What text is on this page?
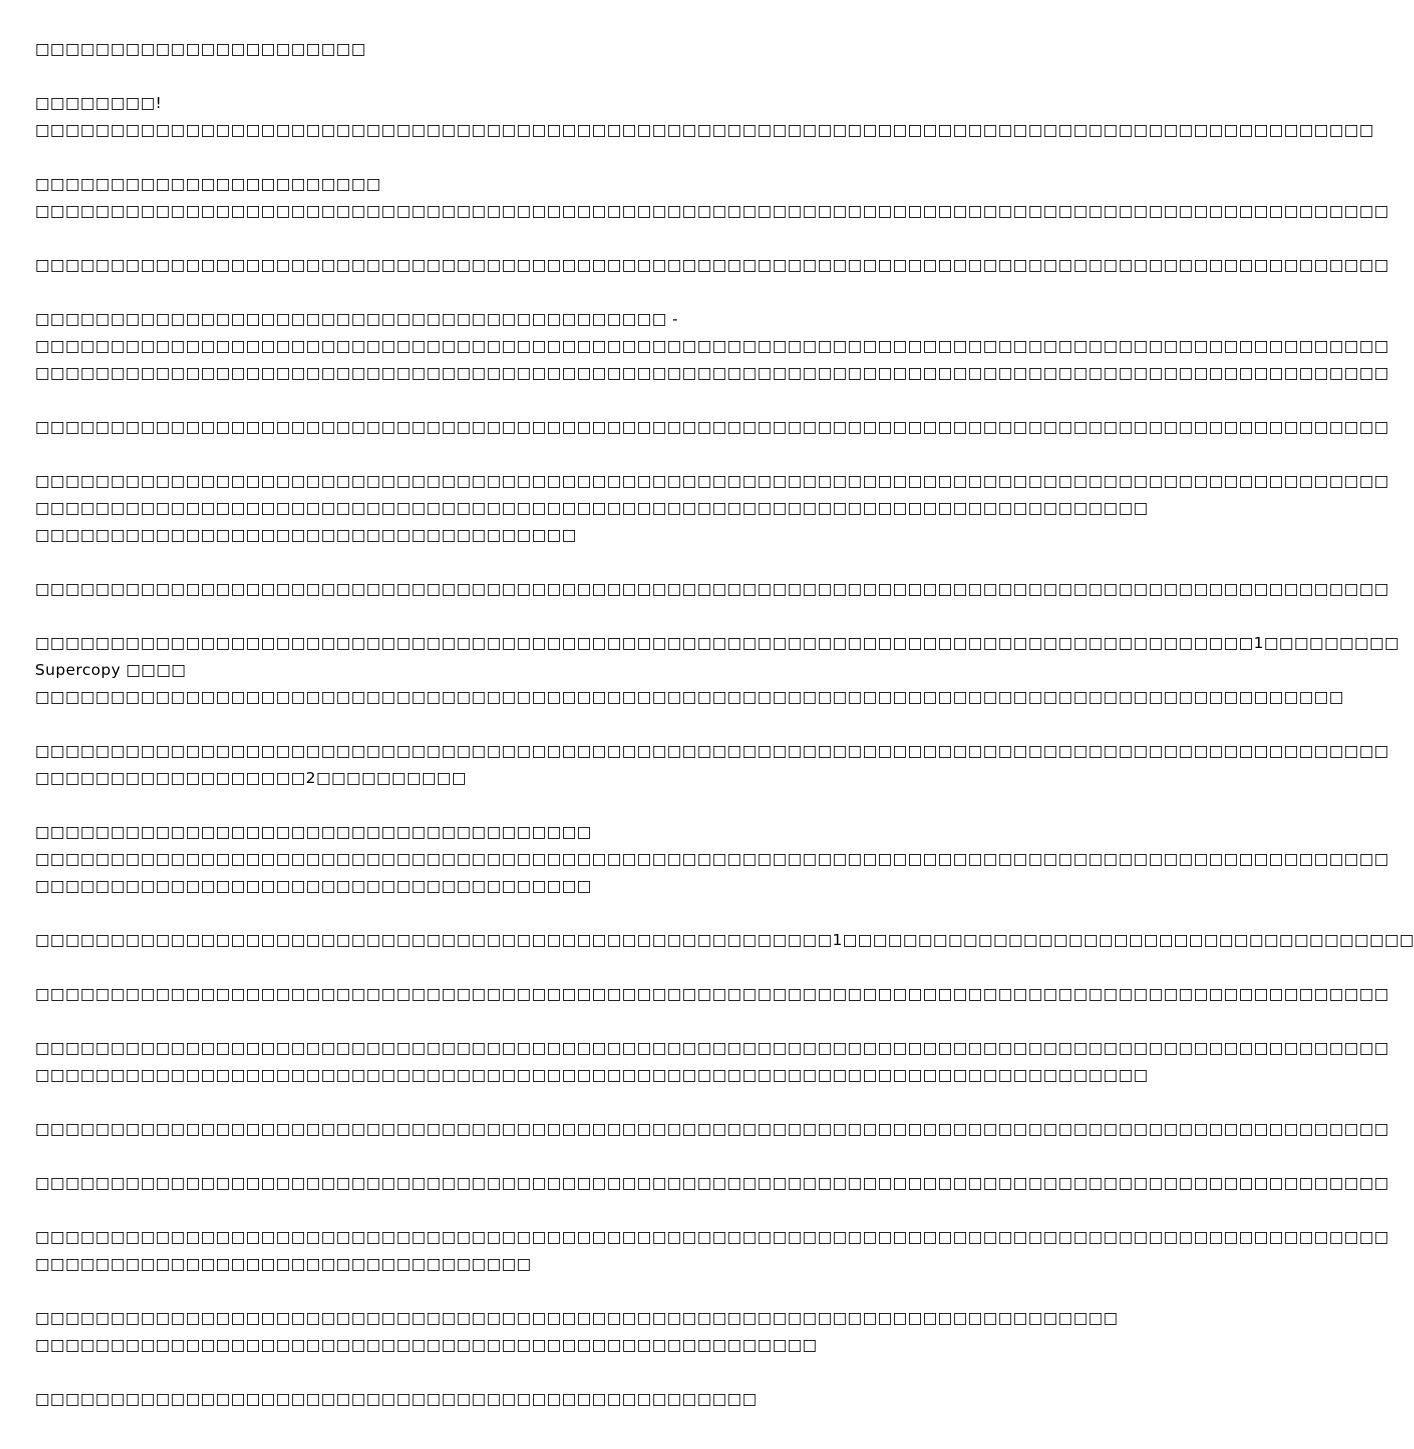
□□□□□□□□□□□□□□□□□□□□□□
□□□□□□□□!
□□□□□□□□□□□□□□□□□□□□□□□□□□□□□□□□□□□□□□□□□□□□□□□□□□□□□□□□□□□□□□□□□□□□□□□□□□□□□□□□□□□□□□□□□
□□□□□□□□□□□□□□□□□□□□□□□
□□□□□□□□□□□□□□□□□□□□□□□□□□□□□□□□□□□□□□□□□□□□□□□□□□□□□□□□□□□□□□□□□□□□□□□□□□□□□□□□□□□□□□□□□□
□□□□□□□□□□□□□□□□□□□□□□□□□□□□□□□□□□□□□□□□□□□□□□□□□□□□□□□□□□□□□□□□□□□□□□□□□□□□□□□□□□□□□□□□□□
□□□□□□□□□□□□□□□□□□□□□□□□□□□□□□□□□□□□□□□□□□ -
□□□□□□□□□□□□□□□□□□□□□□□□□□□□□□□□□□□□□□□□□□□□□□□□□□□□□□□□□□□□□□□□□□□□□□□□□□□□□□□□□□□□□□□□□□
□□□□□□□□□□□□□□□□□□□□□□□□□□□□□□□□□□□□□□□□□□□□□□□□□□□□□□□□□□□□□□□□□□□□□□□□□□□□□□□□□□□□□□□□□□
□□□□□□□□□□□□□□□□□□□□□□□□□□□□□□□□□□□□□□□□□□□□□□□□□□□□□□□□□□□□□□□□□□□□□□□□□□□□□□□□□□□□□□□□□□
□□□□□□□□□□□□□□□□□□□□□□□□□□□□□□□□□□□□□□□□□□□□□□□□□□□□□□□□□□□□□□□□□□□□□□□□□□□□□□□□□□□□□□□□□□
□□□□□□□□□□□□□□□□□□□□□□□□□□□□□□□□□□□□□□□□□□□□□□□□□□□□□□□□□□□□□□□□□□□□□□□□□□
□□□□□□□□□□□□□□□□□□□□□□□□□□□□□□□□□□□□
□□□□□□□□□□□□□□□□□□□□□□□□□□□□□□□□□□□□□□□□□□□□□□□□□□□□□□□□□□□□□□□□□□□□□□□□□□□□□□□□□□□□□□□□□□
□□□□□□□□□□□□□□□□□□□□□□□□□□□□□□□□□□□□□□□□□□□□□□□□□□□□□□□□□□□□□□□□□□□□□□□□□□□□□□□□□1□□□□□□□□□
Supercopy □□□□
□□□□□□□□□□□□□□□□□□□□□□□□□□□□□□□□□□□□□□□□□□□□□□□□□□□□□□□□□□□□□□□□□□□□□□□□□□□□□□□□□□□□□□□
□□□□□□□□□□□□□□□□□□□□□□□□□□□□□□□□□□□□□□□□□□□□□□□□□□□□□□□□□□□□□□□□□□□□□□□□□□□□□□□□□□□□□□□□□□
□□□□□□□□□□□□□□□□□□2□□□□□□□□□□
□□□□□□□□□□□□□□□□□□□□□□□□□□□□□□□□□□□□□
□□□□□□□□□□□□□□□□□□□□□□□□□□□□□□□□□□□□□□□□□□□□□□□□□□□□□□□□□□□□□□□□□□□□□□□□□□□□□□□□□□□□□□□□□□
□□□□□□□□□□□□□□□□□□□□□□□□□□□□□□□□□□□□□
□□□□□□□□□□□□□□□□□□□□□□□□□□□□□□□□□□□□□□□□□□□□□□□□□□□□□1□□□□□□□□□□□□□□□□□□□□□□□□□□□□□□□□□□□□□□
□□□□□□□□□□□□□□□□□□□□□□□□□□□□□□□□□□□□□□□□□□□□□□□□□□□□□□□□□□□□□□□□□□□□□□□□□□□□□□□□□□□□□□□□□□
□□□□□□□□□□□□□□□□□□□□□□□□□□□□□□□□□□□□□□□□□□□□□□□□□□□□□□□□□□□□□□□□□□□□□□□□□□□□□□□□□□□□□□□□□□
□□□□□□□□□□□□□□□□□□□□□□□□□□□□□□□□□□□□□□□□□□□□□□□□□□□□□□□□□□□□□□□□□□□□□□□□□□
□□□□□□□□□□□□□□□□□□□□□□□□□□□□□□□□□□□□□□□□□□□□□□□□□□□□□□□□□□□□□□□□□□□□□□□□□□□□□□□□□□□□□□□□□□
□□□□□□□□□□□□□□□□□□□□□□□□□□□□□□□□□□□□□□□□□□□□□□□□□□□□□□□□□□□□□□□□□□□□□□□□□□□□□□□□□□□□□□□□□□
□□□□□□□□□□□□□□□□□□□□□□□□□□□□□□□□□□□□□□□□□□□□□□□□□□□□□□□□□□□□□□□□□□□□□□□□□□□□□□□□□□□□□□□□□□
□□□□□□□□□□□□□□□□□□□□□□□□□□□□□□□□□
□□□□□□□□□□□□□□□□□□□□□□□□□□□□□□□□□□□□□□□□□□□□□□□□□□□□□□□□□□□□□□□□□□□□□□□□
□□□□□□□□□□□□□□□□□□□□□□□□□□□□□□□□□□□□□□□□□□□□□□□□□□□□
□□□□□□□□□□□□□□□□□□□□□□□□□□□□□□□□□□□□□□□□□□□□□□□□
